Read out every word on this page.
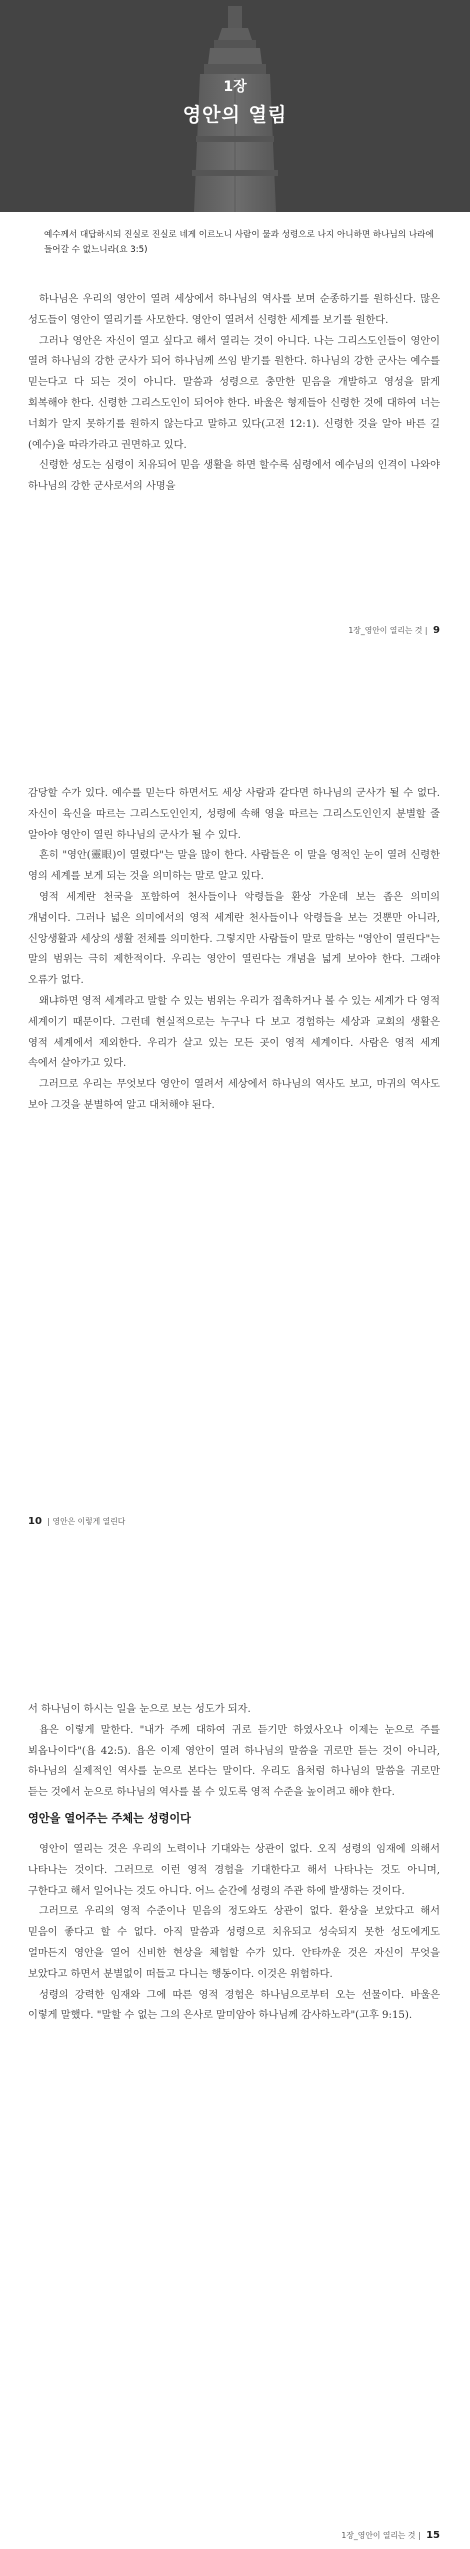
1장
영안의 열림
예수께서 대답하시되 진실로 진실로 네게 이르노니 사람이 물과 성령으로 나지 아니하면 하나님의 나라에 들어갈 수 없느니라(요 3:5)

하나님은 우리의 영안이 열려 세상에서 하나님의 역사를 보며 순종하기를 원하신다. 많은 성도들이 영안이 열리기를 사모한다. 영안이 열려서 신령한 세계를 보기를 원한다.

그러나 영안은 자신이 열고 싶다고 해서 열리는 것이 아니다. 나는 그리스도인들이 영안이 열려 하나님의 강한 군사가 되어 하나님께 쓰임 받기를 원한다. 하나님의 강한 군사는 예수를 믿는다고 다 되는 것이 아니다. 말씀과 성령으로 충만한 믿음을 개발하고 영성을 맑게 회복해야 한다. 신령한 그리스도인이 되어야 한다. 바울은 형제들아 신령한 것에 대하여 너는 너희가 알지 못하기를 원하지 않는다고 말하고 있다(고전 12:1). 신령한 것을 알아 바른 길(예수)을 따라가라고 권면하고 있다.

신령한 성도는 심령이 치유되어 믿음 생활을 하면 할수록 심령에서 예수님의 인격이 나와야 하나님의 강한 군사로서의 사명을

1장_영안이 열리는 것 | 9

감당할 수가 있다. 예수를 믿는다 하면서도 세상 사람과 같다면 하나님의 군사가 될 수 없다. 자신이 육신을 따르는 그리스도인인지, 성령에 속해 영을 따르는 그리스도인인지 분별할 줄 알아야 영안이 열린 하나님의 군사가 될 수 있다.

흔히 "영안(靈眼)이 열렸다"는 말을 많이 한다. 사람들은 이 말을 영적인 눈이 열려 신령한 영의 세계를 보게 되는 것을 의미하는 말로 알고 있다.

영적 세계란 천국을 포함하여 천사들이나 악령들을 환상 가운데 보는 좁은 의미의 개념이다. 그러나 넓은 의미에서의 영적 세계란 천사들이나 악령들을 보는 것뿐만 아니라, 신앙생활과 세상의 생활 전체를 의미한다. 그렇지만 사람들이 말로 말하는 "영안이 열린다"는 말의 범위는 극히 제한적이다. 우리는 영안이 열린다는 개념을 넓게 보아야 한다. 그래야 오류가 없다.

왜냐하면 영적 세계라고 말할 수 있는 범위는 우리가 접촉하거나 볼 수 있는 세계가 다 영적 세계이기 때문이다. 그런데 현실적으로는 누구나 다 보고 경험하는 세상과 교회의 생활은 영적 세계에서 제외한다. 우리가 살고 있는 모든 곳이 영적 세계이다. 사람은 영적 세계 속에서 살아가고 있다.

그러므로 우리는 무엇보다 영안이 열려서 세상에서 하나님의 역사도 보고, 마귀의 역사도 보아 그것을 분별하여 알고 대처해야 된다.

10 | 영안은 이렇게 열린다

서 하나님이 하시는 일을 눈으로 보는 성도가 되자.

욥은 이렇게 말한다. "내가 주께 대하여 귀로 듣기만 하였사오나 이제는 눈으로 주를 뵈옵나이다"(욥 42:5). 욥은 이제 영안이 열려 하나님의 말씀을 귀로만 듣는 것이 아니라, 하나님의 실제적인 역사를 눈으로 본다는 말이다. 우리도 욥처럼 하나님의 말씀을 귀로만 듣는 것에서 눈으로 하나님의 역사를 볼 수 있도록 영적 수준을 높이려고 해야 한다.

영안을 열어주는 주체는 성령이다

영안이 열리는 것은 우리의 노력이나 기대와는 상관이 없다. 오직 성령의 임재에 의해서 나타나는 것이다. 그러므로 이런 영적 경험을 기대한다고 해서 나타나는 것도 아니며, 구한다고 해서 일어나는 것도 아니다. 어느 순간에 성령의 주관 하에 발생하는 것이다.

그러므로 우리의 영적 수준이나 믿음의 정도와도 상관이 없다. 환상을 보았다고 해서 믿음이 좋다고 할 수 없다. 아직 말씀과 성령으로 치유되고 성숙되지 못한 성도에게도 얼마든지 영안을 열어 신비한 현상을 체험할 수가 있다. 안타까운 것은 자신이 무엇을 보았다고 하면서 분별없이 떠들고 다니는 행동이다. 이것은 위험하다.

성령의 강력한 임재와 그에 따른 영적 경험은 하나님으로부터 오는 선물이다. 바울은 이렇게 말했다. "말할 수 없는 그의 은사로 말미암아 하나님께 감사하노라"(고후 9:15).

1장_영안이 열리는 것 | 15
